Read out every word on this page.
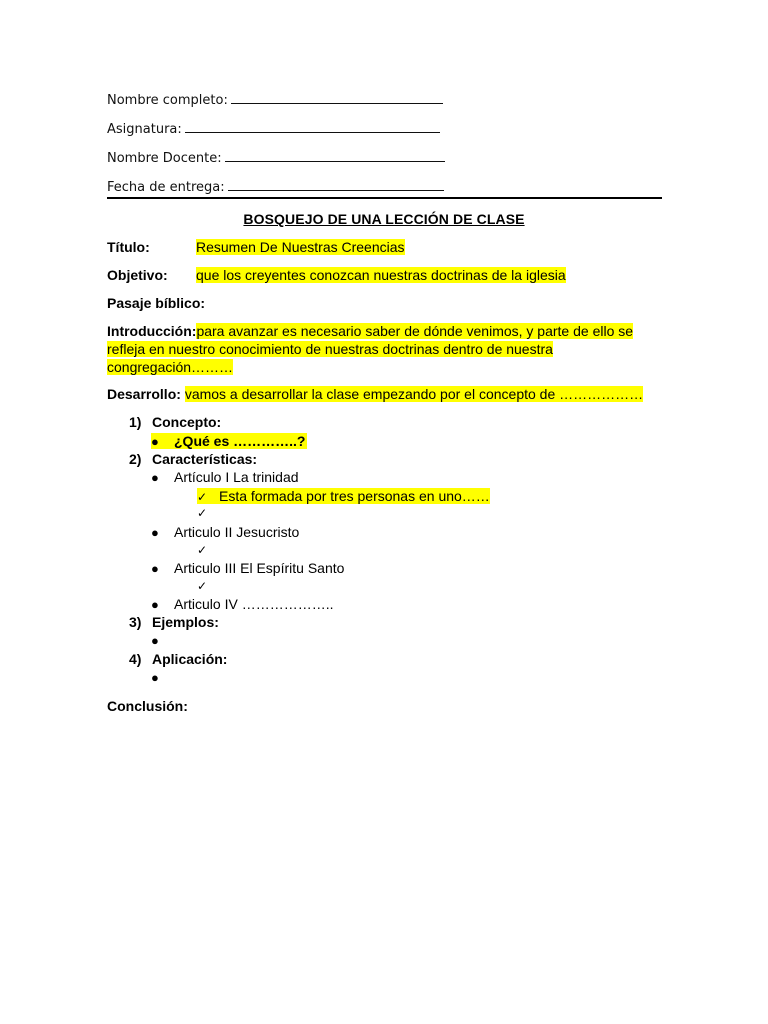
Nombre completo:
Asignatura:
Nombre Docente:
Fecha de entrega:
BOSQUEJO DE UNA LECCIÓN DE CLASE
Título:	Resumen De Nuestras Creencias
Objetivo: que los creyentes conozcan nuestras doctrinas de la iglesia
Pasaje bíblico:
Introducción:para avanzar es necesario saber de dónde venimos, y parte de ello se
refleja en nuestro conocimiento de nuestras doctrinas dentro de nuestra
congregación………
Desarrollo: vamos a desarrollar la clase empezando por el concepto de ………………
1) Concepto:
● ¿Qué es …………..?
2) Características:
● Artículo I La trinidad
✓ Esta formada por tres personas en uno……
✓
● Articulo II Jesucristo
✓
● Articulo III El Espíritu Santo
✓
● Articulo IV ………………..
3) Ejemplos:
●
4) Aplicación:
●
Conclusión:
